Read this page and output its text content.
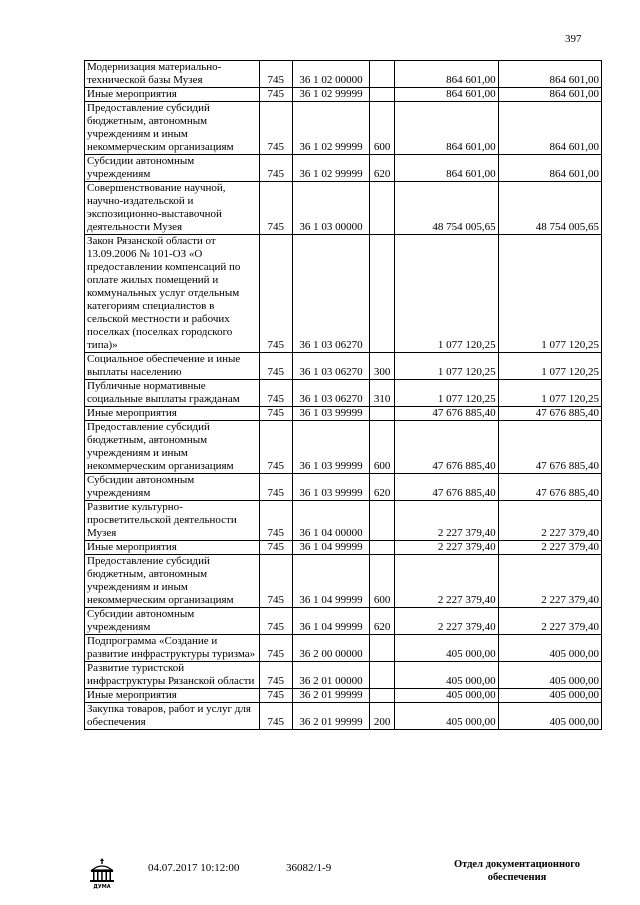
397
Модернизация материально-технической базы Музея	745	36 1 02 00000		864 601,00	864 601,00
Иные мероприятия	745	36 1 02 99999		864 601,00	864 601,00
Предоставление субсидий бюджетным, автономным учреждениям и иным некоммерческим организациям	745	36 1 02 99999	600	864 601,00	864 601,00
Субсидии автономным учреждениям	745	36 1 02 99999	620	864 601,00	864 601,00
Совершенствование научной, научно-издательской и экспозиционно-выставочной деятельности Музея	745	36 1 03 00000		48 754 005,65	48 754 005,65
Закон Рязанской области от 13.09.2006 № 101-ОЗ «О предоставлении компенсаций по оплате жилых помещений и коммунальных услуг отдельным категориям специалистов в сельской местности и рабочих поселках (поселках городского типа)»	745	36 1 03 06270		1 077 120,25	1 077 120,25
Социальное обеспечение и иные выплаты населению	745	36 1 03 06270	300	1 077 120,25	1 077 120,25
Публичные нормативные социальные выплаты гражданам	745	36 1 03 06270	310	1 077 120,25	1 077 120,25
Иные мероприятия	745	36 1 03 99999		47 676 885,40	47 676 885,40
Предоставление субсидий бюджетным, автономным учреждениям и иным некоммерческим организациям	745	36 1 03 99999	600	47 676 885,40	47 676 885,40
Субсидии автономным учреждениям	745	36 1 03 99999	620	47 676 885,40	47 676 885,40
Развитие культурно-просветительской деятельности Музея	745	36 1 04 00000		2 227 379,40	2 227 379,40
Иные мероприятия	745	36 1 04 99999		2 227 379,40	2 227 379,40
Предоставление субсидий бюджетным, автономным учреждениям и иным некоммерческим организациям	745	36 1 04 99999	600	2 227 379,40	2 227 379,40
Субсидии автономным учреждениям	745	36 1 04 99999	620	2 227 379,40	2 227 379,40
Подпрограмма «Создание и развитие инфраструктуры туризма»	745	36 2 00 00000		405 000,00	405 000,00
Развитие туристской инфраструктуры Рязанской области	745	36 2 01 00000		405 000,00	405 000,00
Иные мероприятия	745	36 2 01 99999		405 000,00	405 000,00
Закупка товаров, работ и услуг для обеспечения	745	36 2 01 99999	200	405 000,00	405 000,00
ДУМА
04.07.2017 10:12:00	36082/1-9	Отдел документационного
обеспечения
